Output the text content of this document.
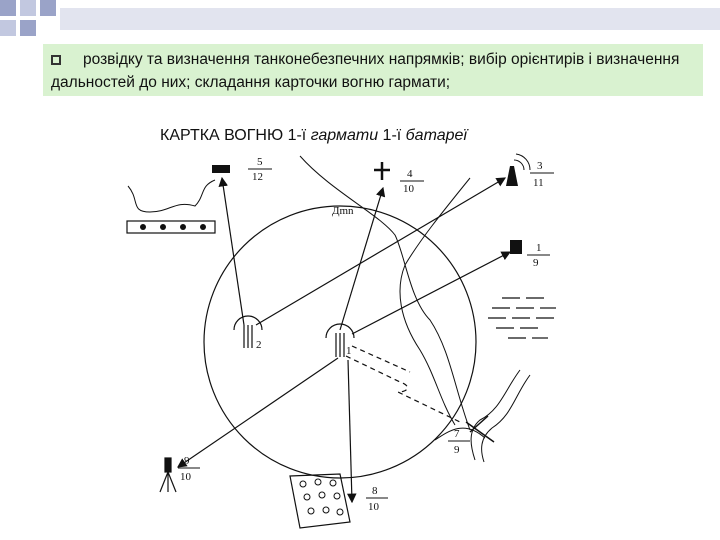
розвідку та визначення танконебезпечних напрямків; вибір орієнтирів і визначення дальностей до них; складання карточки вогню гармати;
КАРТКА ВОГНЮ 1-ї гармати 1-ї батареї
Дmn
1
2
5
12	4
10
3
11
1
9
7
9
9
10
8
10
